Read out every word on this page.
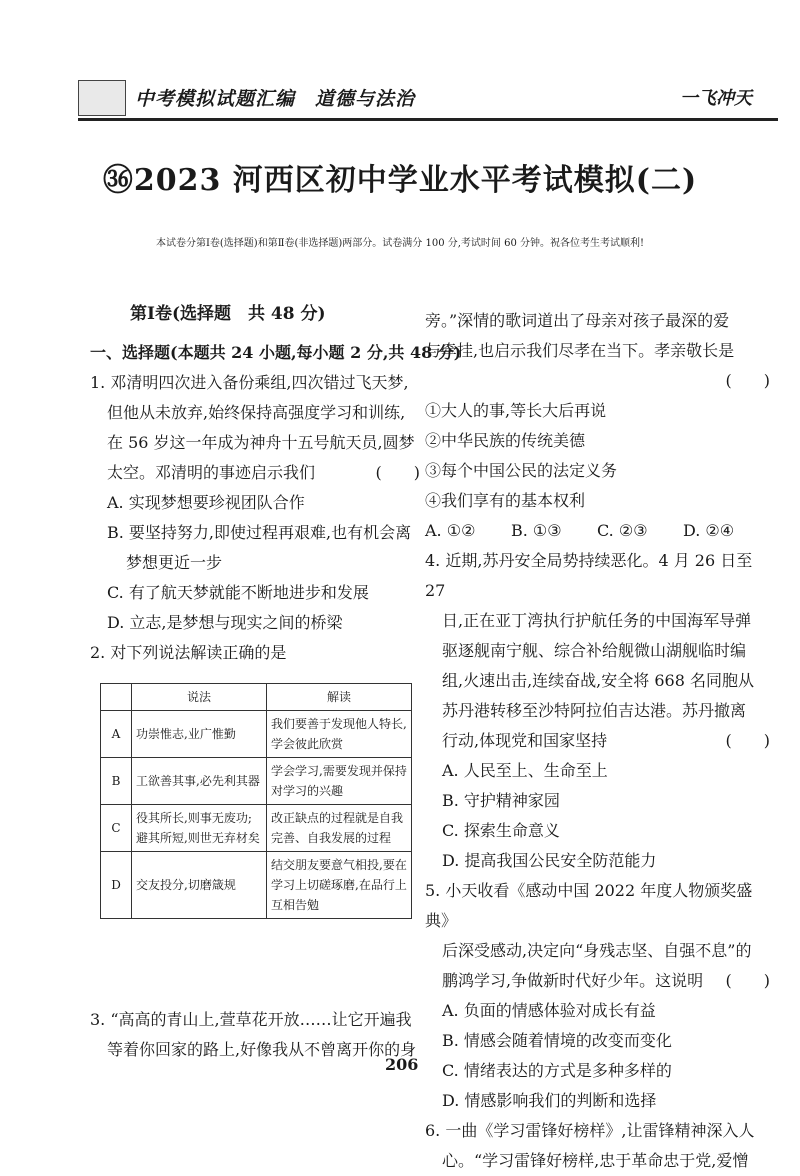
中考模拟试题汇编　道德与法治	一飞冲天
㊱2023 河西区初中学业水平考试模拟(二)
本试卷分第Ⅰ卷(选择题)和第Ⅱ卷(非选择题)两部分。试卷满分 100 分,考试时间 60 分钟。祝各位考生考试顺利!
第Ⅰ卷(选择题　共 48 分)
一、选择题(本题共 24 小题,每小题 2 分,共 48 分)

1. 邓清明四次进入备份乘组,四次错过飞天梦,

但他从未放弃,始终保持高强度学习和训练,

在 56 岁这一年成为神舟十五号航天员,圆梦

太空。邓清明的事迹启示我们	(　　)

A. 实现梦想要珍视团队合作

B. 要坚持努力,即使过程再艰难,也有机会离

梦想更近一步

C. 有了航天梦就能不断地进步和发展

D. 立志,是梦想与现实之间的桥梁

2. 对下列说法解读正确的是

	说法	解读
A	功崇惟志,业广惟勤	我们要善于发现他人特长,学会彼此欣赏
B	工欲善其事,必先利其器	学会学习,需要发现并保持对学习的兴趣
C	役其所长,则事无废功;避其所短,则世无弃材矣	改正缺点的过程就是自我完善、自我发展的过程
D	交友投分,切磨箴规	结交朋友要意气相投,要在学习上切磋琢磨,在品行上互相告勉

3. “高高的青山上,萱草花开放……让它开遍我

等着你回家的路上,好像我从不曾离开你的身

旁。”深情的歌词道出了母亲对孩子最深的爱

与牵挂,也启示我们尽孝在当下。孝亲敬长是

(　　)

①大人的事,等长大后再说

②中华民族的传统美德

③每个中国公民的法定义务

④我们享有的基本权利

A. ①②	B. ①③	C. ②③	D. ②④

4. 近期,苏丹安全局势持续恶化。4 月 26 日至 27

日,正在亚丁湾执行护航任务的中国海军导弹

驱逐舰南宁舰、综合补给舰微山湖舰临时编

组,火速出击,连续奋战,安全将 668 名同胞从

苏丹港转移至沙特阿拉伯吉达港。苏丹撤离

行动,体现党和国家坚持	(　　)

A. 人民至上、生命至上

B. 守护精神家园

C. 探索生命意义

D. 提高我国公民安全防范能力

5. 小天收看《感动中国 2022 年度人物颁奖盛典》

后深受感动,决定向“身残志坚、自强不息”的

鹏鸿学习,争做新时代好少年。这说明 (　　)

A. 负面的情感体验对成长有益

B. 情感会随着情境的改变而变化

C. 情绪表达的方式是多种多样的

D. 情感影响我们的判断和选择

6. 一曲《学习雷锋好榜样》,让雷锋精神深入人

心。“学习雷锋好榜样,忠于革命忠于党,爱憎

206
